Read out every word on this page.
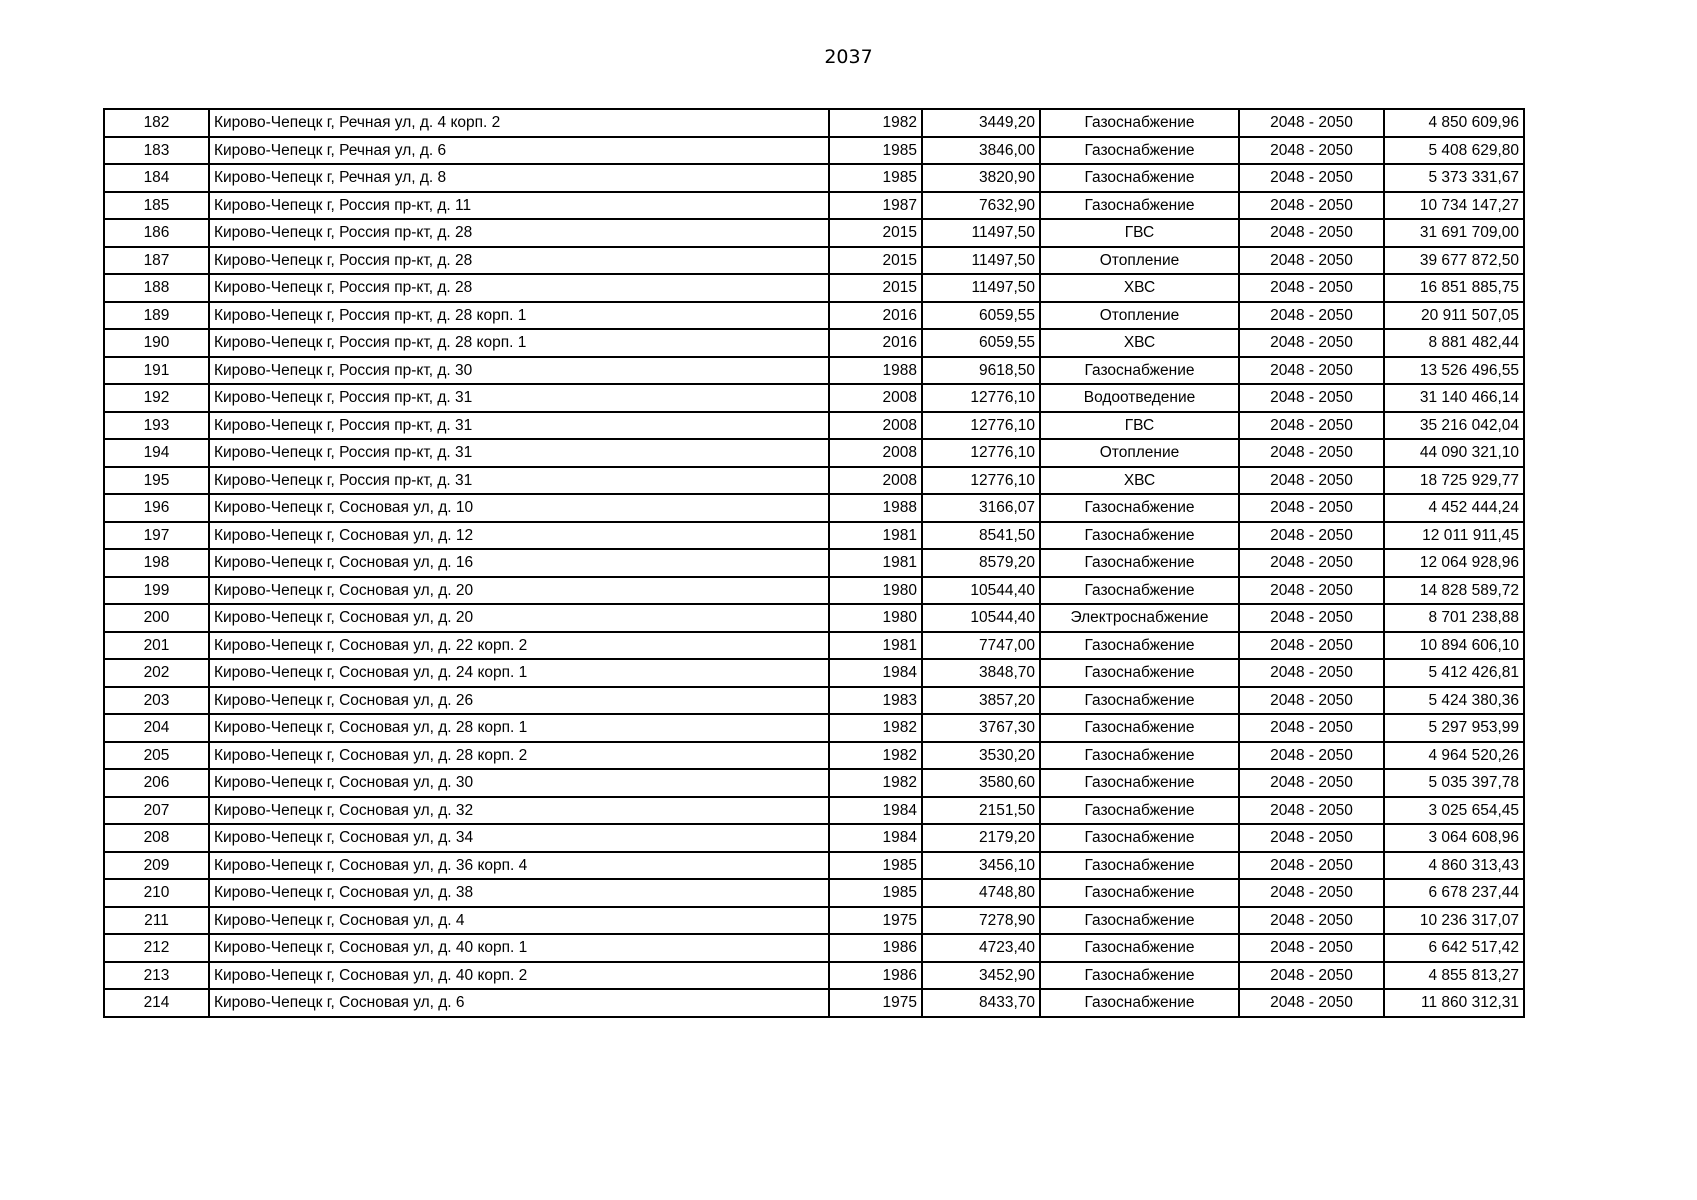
2037
182	Кирово-Чепецк г, Речная ул, д. 4 корп. 2	1982	3449,20	Газоснабжение	2048 - 2050	4 850 609,96
183	Кирово-Чепецк г, Речная ул, д. 6	1985	3846,00	Газоснабжение	2048 - 2050	5 408 629,80
184	Кирово-Чепецк г, Речная ул, д. 8	1985	3820,90	Газоснабжение	2048 - 2050	5 373 331,67
185	Кирово-Чепецк г, Россия пр-кт, д. 11	1987	7632,90	Газоснабжение	2048 - 2050	10 734 147,27
186	Кирово-Чепецк г, Россия пр-кт, д. 28	2015	11497,50	ГВС	2048 - 2050	31 691 709,00
187	Кирово-Чепецк г, Россия пр-кт, д. 28	2015	11497,50	Отопление	2048 - 2050	39 677 872,50
188	Кирово-Чепецк г, Россия пр-кт, д. 28	2015	11497,50	ХВС	2048 - 2050	16 851 885,75
189	Кирово-Чепецк г, Россия пр-кт, д. 28 корп. 1	2016	6059,55	Отопление	2048 - 2050	20 911 507,05
190	Кирово-Чепецк г, Россия пр-кт, д. 28 корп. 1	2016	6059,55	ХВС	2048 - 2050	8 881 482,44
191	Кирово-Чепецк г, Россия пр-кт, д. 30	1988	9618,50	Газоснабжение	2048 - 2050	13 526 496,55
192	Кирово-Чепецк г, Россия пр-кт, д. 31	2008	12776,10	Водоотведение	2048 - 2050	31 140 466,14
193	Кирово-Чепецк г, Россия пр-кт, д. 31	2008	12776,10	ГВС	2048 - 2050	35 216 042,04
194	Кирово-Чепецк г, Россия пр-кт, д. 31	2008	12776,10	Отопление	2048 - 2050	44 090 321,10
195	Кирово-Чепецк г, Россия пр-кт, д. 31	2008	12776,10	ХВС	2048 - 2050	18 725 929,77
196	Кирово-Чепецк г, Сосновая ул, д. 10	1988	3166,07	Газоснабжение	2048 - 2050	4 452 444,24
197	Кирово-Чепецк г, Сосновая ул, д. 12	1981	8541,50	Газоснабжение	2048 - 2050	12 011 911,45
198	Кирово-Чепецк г, Сосновая ул, д. 16	1981	8579,20	Газоснабжение	2048 - 2050	12 064 928,96
199	Кирово-Чепецк г, Сосновая ул, д. 20	1980	10544,40	Газоснабжение	2048 - 2050	14 828 589,72
200	Кирово-Чепецк г, Сосновая ул, д. 20	1980	10544,40	Электроснабжение	2048 - 2050	8 701 238,88
201	Кирово-Чепецк г, Сосновая ул, д. 22 корп. 2	1981	7747,00	Газоснабжение	2048 - 2050	10 894 606,10
202	Кирово-Чепецк г, Сосновая ул, д. 24 корп. 1	1984	3848,70	Газоснабжение	2048 - 2050	5 412 426,81
203	Кирово-Чепецк г, Сосновая ул, д. 26	1983	3857,20	Газоснабжение	2048 - 2050	5 424 380,36
204	Кирово-Чепецк г, Сосновая ул, д. 28 корп. 1	1982	3767,30	Газоснабжение	2048 - 2050	5 297 953,99
205	Кирово-Чепецк г, Сосновая ул, д. 28 корп. 2	1982	3530,20	Газоснабжение	2048 - 2050	4 964 520,26
206	Кирово-Чепецк г, Сосновая ул, д. 30	1982	3580,60	Газоснабжение	2048 - 2050	5 035 397,78
207	Кирово-Чепецк г, Сосновая ул, д. 32	1984	2151,50	Газоснабжение	2048 - 2050	3 025 654,45
208	Кирово-Чепецк г, Сосновая ул, д. 34	1984	2179,20	Газоснабжение	2048 - 2050	3 064 608,96
209	Кирово-Чепецк г, Сосновая ул, д. 36 корп. 4	1985	3456,10	Газоснабжение	2048 - 2050	4 860 313,43
210	Кирово-Чепецк г, Сосновая ул, д. 38	1985	4748,80	Газоснабжение	2048 - 2050	6 678 237,44
211	Кирово-Чепецк г, Сосновая ул, д. 4	1975	7278,90	Газоснабжение	2048 - 2050	10 236 317,07
212	Кирово-Чепецк г, Сосновая ул, д. 40 корп. 1	1986	4723,40	Газоснабжение	2048 - 2050	6 642 517,42
213	Кирово-Чепецк г, Сосновая ул, д. 40 корп. 2	1986	3452,90	Газоснабжение	2048 - 2050	4 855 813,27
214	Кирово-Чепецк г, Сосновая ул, д. 6	1975	8433,70	Газоснабжение	2048 - 2050	11 860 312,31
